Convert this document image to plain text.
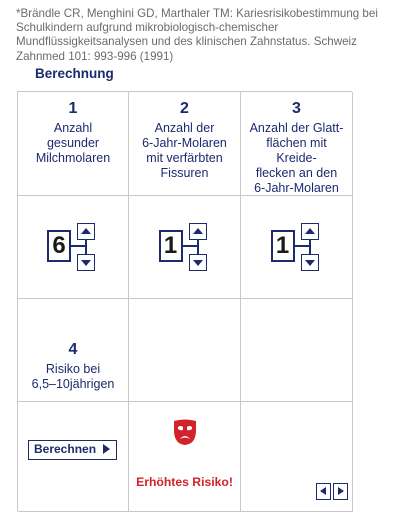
*Brändle CR, Menghini GD, Marthaler TM: Kariesrisikobestimmung bei Schulkindern aufgrund mikrobiologisch-chemischer Mundflüssigkeitsanalysen und des klinischen Zahnstatus. Schweiz Zahnmed 101: 993-996 (1991)
Berechnung
1
Anzahl
gesunder
Milchmolaren
2
Anzahl der
6-Jahr-Molaren
mit verfärbten
Fissuren
3
Anzahl der Glatt-
flächen mit Kreide-
flecken an den
6-Jahr-Molaren
6	1	1
4
Risiko bei
6,5–10jährigen
Berechnen
Erhöhtes Risiko!
